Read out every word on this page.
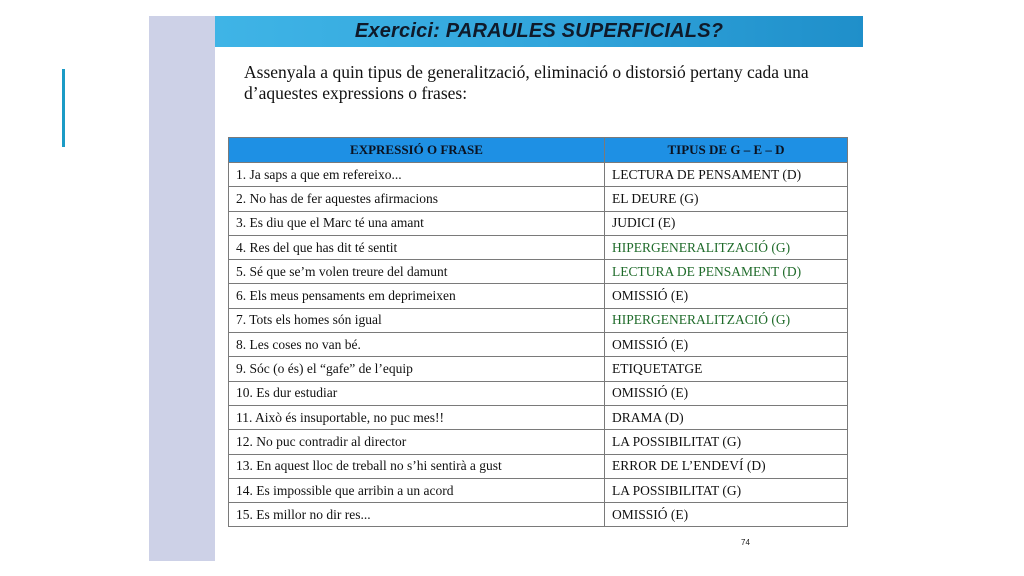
Exercici: PARAULES SUPERFICIALS?

Assenyala a quin tipus de generalització, eliminació o distorsió pertany cada una d’aquestes expressions o frases:

EXPRESSIÓ O FRASE	TIPUS DE G – E – D
1. Ja saps a que em refereixo...	LECTURA DE PENSAMENT (D)
2. No has de fer aquestes afirmacions	EL DEURE (G)
3. Es diu que el Marc té una amant	JUDICI (E)
4. Res del que has dit té sentit	HIPERGENERALITZACIÓ (G)
5. Sé que se’m volen treure del damunt	LECTURA DE PENSAMENT (D)
6. Els meus pensaments em deprimeixen	OMISSIÓ (E)
7. Tots els homes són igual	HIPERGENERALITZACIÓ (G)
8. Les coses no van bé.	OMISSIÓ (E)
9. Sóc (o és) el “gafe” de l’equip	ETIQUETATGE
10. Es dur estudiar	OMISSIÓ (E)
11. Això és insuportable, no puc mes!!	DRAMA (D)
12. No puc contradir al director	LA POSSIBILITAT (G)
13. En aquest lloc de treball no s’hi sentirà a gust	ERROR DE L’ENDEVÍ (D)
14. Es impossible que arribin a un acord	LA POSSIBILITAT (G)
15. Es millor no dir res...	OMISSIÓ (E)
74
